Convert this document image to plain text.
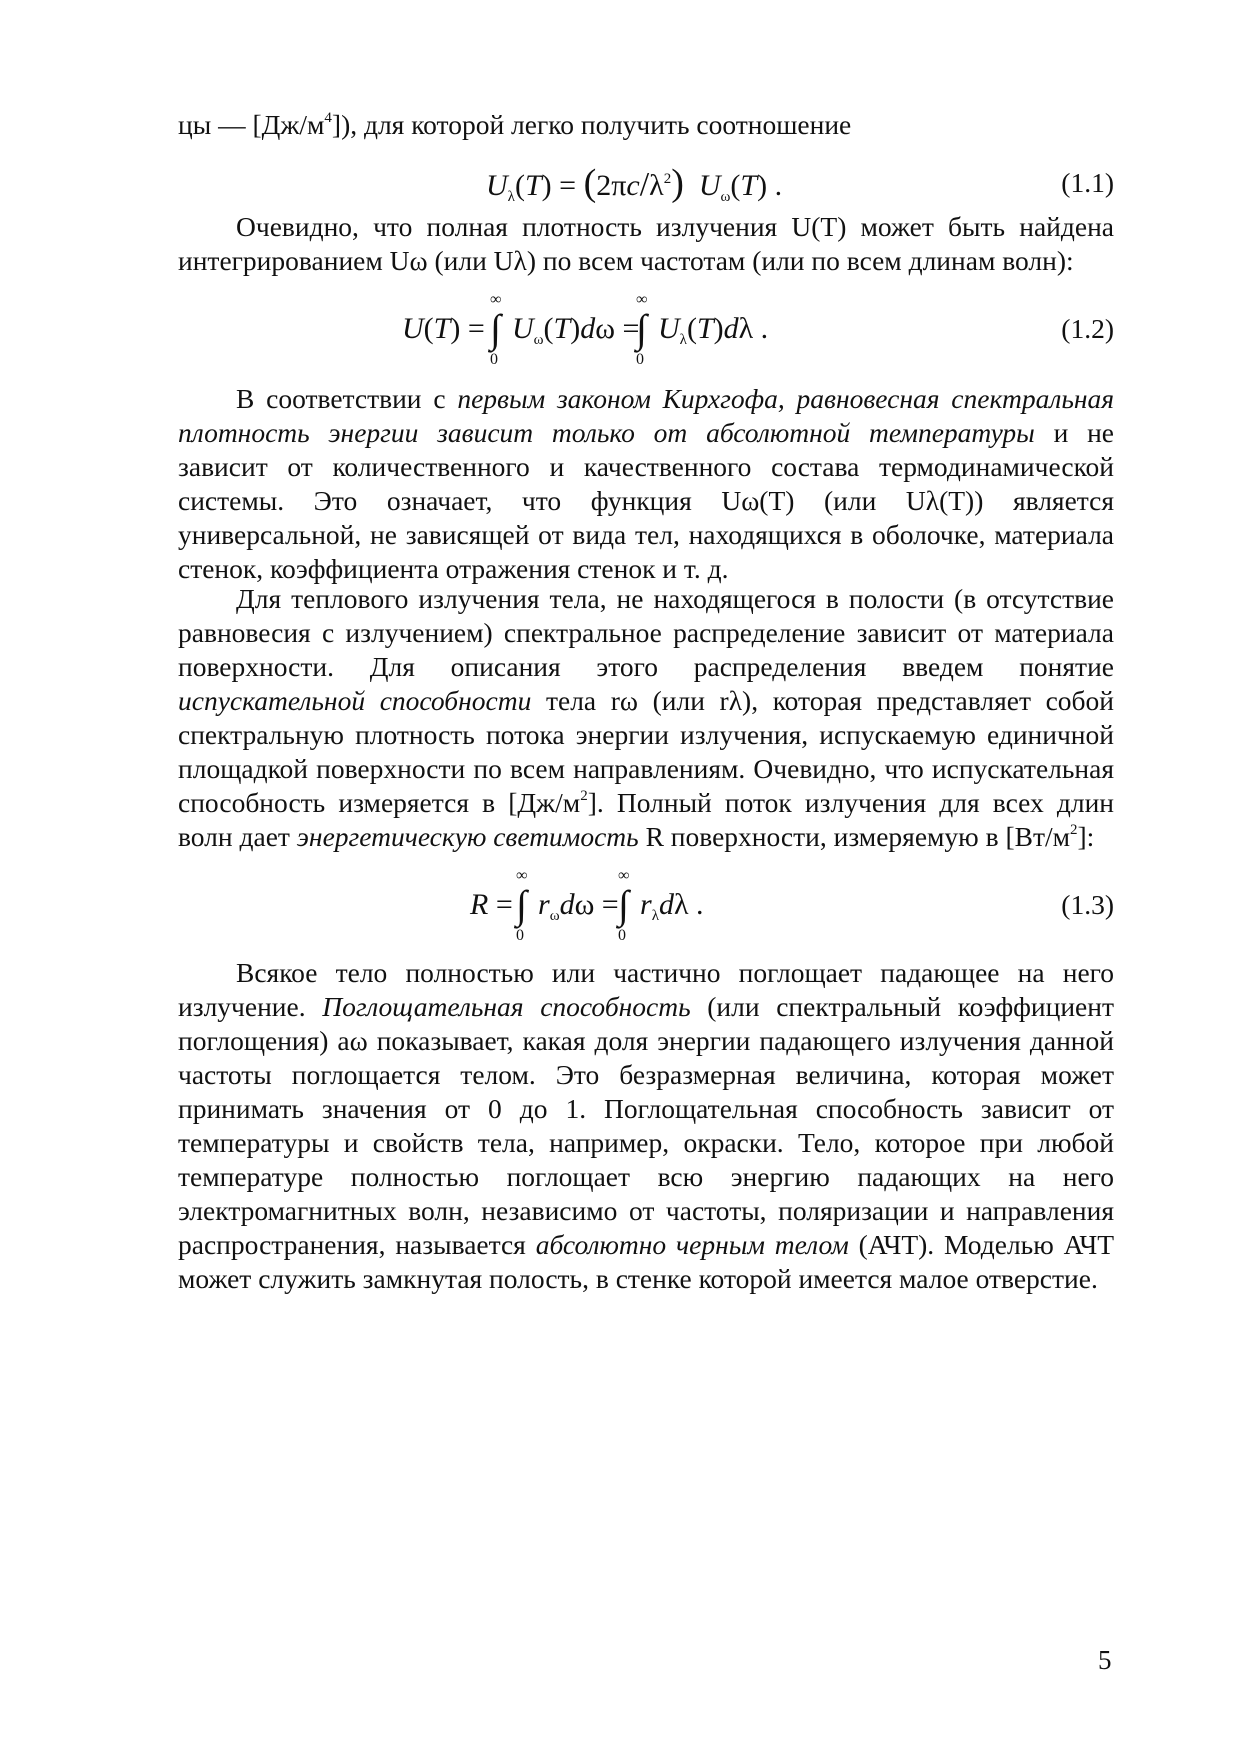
цы — $[Дж/м^4]$), для которой легко получить соотношение

$U_\lambda(T) = (2\pi c/\lambda^2)$ $U_\omega(T)$ .	(1.1)

Очевидно, что полная плотность излучения U(T) может быть найдена интегрированием Uω (или Uλ) по всем частотам (или по всем длинам волн):

U(T) =
∞
∫
0
$U_\omega(T)d\omega$ =
∞
∫
0
$U_\lambda(T)d\lambda$ .	(1.2)

В соответствии с первым законом Кирхгофа, равновесная спектральная плотность энергии зависит только от абсолютной температуры и не зависит от количественного и качественного состава термодинамической системы. Это означает, что функция Uω(T) (или Uλ(T)) является универсальной, не зависящей от вида тел, находящихся в оболочке, материала стенок, коэффициента отражения стенок и т. д.

Для теплового излучения тела, не находящегося в полости (в отсутствие равновесия с излучением) спектральное распределение зависит от материала поверхности. Для описания этого распределения введем понятие испускательной способности тела rω (или rλ), которая представляет собой спектральную плотность потока энергии излучения, испускаемую единичной площадкой поверхности по всем направлениям. Очевидно, что испускательная способность измеряется в $[Дж/м^2]$. Полный поток излучения для всех длин волн дает энергетическую светимость R поверхности, измеряемую в $[Вт/м^2]$:

R =
∞
∫
0
$r_\omega d\omega$ =
∞
∫
0
$r_\lambda d\lambda$ .	(1.3)

Всякое тело полностью или частично поглощает падающее на него излучение. Поглощательная способность (или спектральный коэффициент поглощения) aω показывает, какая доля энергии падающего излучения данной частоты поглощается телом. Это безразмерная величина, которая может принимать значения от 0 до 1. Поглощательная способность зависит от температуры и свойств тела, например, окраски. Тело, которое при любой температуре полностью поглощает всю энергию падающих на него электромагнитных волн, независимо от частоты, поляризации и направления распространения, называется абсолютно черным телом (АЧТ). Моделью АЧТ может служить замкнутая полость, в стенке которой имеется малое отверстие.

5
